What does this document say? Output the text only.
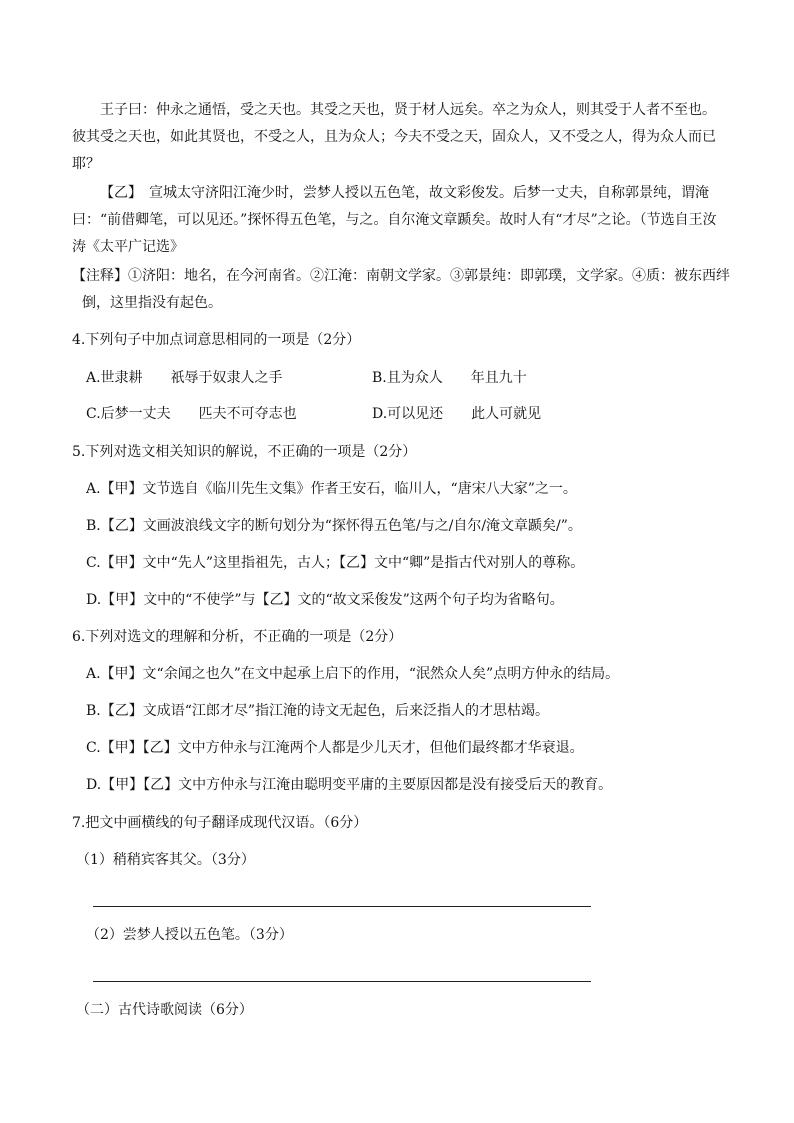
王子曰：仲永之通悟，受之天也。其受之天也，贤于材人远矣。卒之为众人，则其受于人者不至也。彼其受之天也，如此其贤也，不受之人，且为众人；今夫不受之天，固众人，又不受之人，得为众人而已耶？
【乙】　宣城太守济阳江淹少时，尝梦人授以五色笔，故文彩俊发。后梦一丈夫，自称郭景纯，谓淹曰：“前借卿笔，可以见还。”探怀得五色笔，与之。自尔淹文章踬矣。故时人有“才尽”之论。（节选自王汝涛《太平广记选》
【注释】①济阳：地名，在今河南省。②江淹：南朝文学家。③郭景纯：即郭璞，文学家。④质：被东西绊倒，这里指没有起色。
4.下列句子中加点词意思相同的一项是（2分）
A.世隶耕　　祇辱于奴隶人之手	B.且为众人　　年且九十
C.后梦一丈夫　　匹夫不可夺志也	D.可以见还　　此人可就见
5.下列对选文相关知识的解说，不正确的一项是（2分）
A.【甲】文节选自《临川先生文集》作者王安石，临川人，“唐宋八大家”之一。
B.【乙】文画波浪线文字的断句划分为“探怀得五色笔/与之/自尔/淹文章踬矣/”。
C.【甲】文中“先人”这里指祖先，古人；【乙】文中“卿”是指古代对别人的尊称。
D.【甲】文中的“不使学”与【乙】文的“故文采俊发”这两个句子均为省略句。
6.下列对选文的理解和分析，不正确的一项是（2分）
A.【甲】文“余闻之也久”在文中起承上启下的作用，“泯然众人矣”点明方仲永的结局。
B.【乙】文成语“江郎才尽”指江淹的诗文无起色，后来泛指人的才思枯竭。
C.【甲】【乙】文中方仲永与江淹两个人都是少儿天才，但他们最终都才华衰退。
D.【甲】【乙】文中方仲永与江淹由聪明变平庸的主要原因都是没有接受后天的教育。
7.把文中画横线的句子翻译成现代汉语。（6分）
（1）稍稍宾客其父。（3分）
（2）尝梦人授以五色笔。（3分）
（二）古代诗歌阅读（6分）
